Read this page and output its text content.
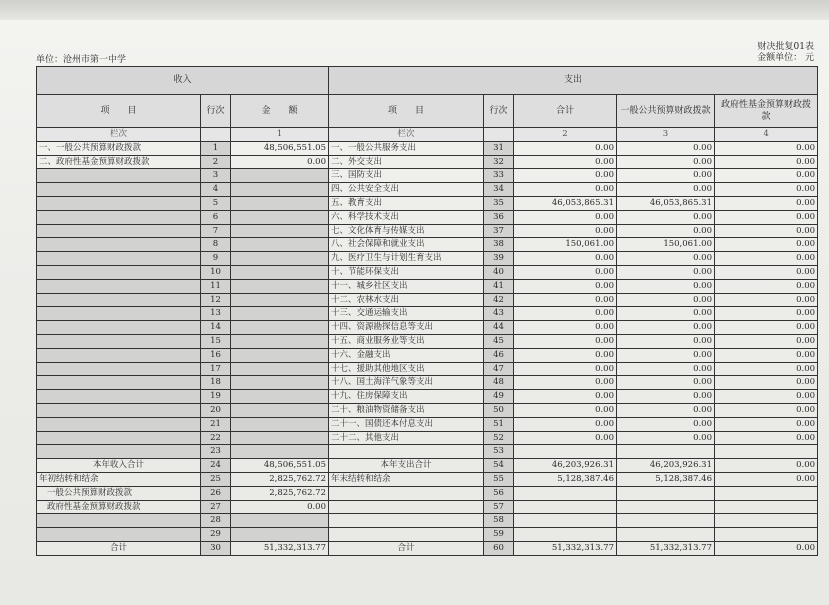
单位：沧州市第一中学
财决批复01表
金额单位： 元
收入			支出				
项　　目	行次	金　　额	项　　目	行次	合计	一般公共预算财政拨款	政府性基金预算财政拨款
栏次		1	栏次		2	3	4
一、一般公共预算财政拨款	1	48,506,551.05	一、一般公共服务支出	31	0.00	0.00	0.00
二、政府性基金预算财政拨款	2	0.00	二、外交支出	32	0.00	0.00	0.00
	3		三、国防支出	33	0.00	0.00	0.00
	4		四、公共安全支出	34	0.00	0.00	0.00
	5		五、教育支出	35	46,053,865.31	46,053,865.31	0.00
	6		六、科学技术支出	36	0.00	0.00	0.00
	7		七、文化体育与传媒支出	37	0.00	0.00	0.00
	8		八、社会保障和就业支出	38	150,061.00	150,061.00	0.00
	9		九、医疗卫生与计划生育支出	39	0.00	0.00	0.00
	10		十、节能环保支出	40	0.00	0.00	0.00
	11		十一、城乡社区支出	41	0.00	0.00	0.00
	12		十二、农林水支出	42	0.00	0.00	0.00
	13		十三、交通运输支出	43	0.00	0.00	0.00
	14		十四、资源勘探信息等支出	44	0.00	0.00	0.00
	15		十五、商业服务业等支出	45	0.00	0.00	0.00
	16		十六、金融支出	46	0.00	0.00	0.00
	17		十七、援助其他地区支出	47	0.00	0.00	0.00
	18		十八、国土海洋气象等支出	48	0.00	0.00	0.00
	19		十九、住房保障支出	49	0.00	0.00	0.00
	20		二十、粮油物资储备支出	50	0.00	0.00	0.00
	21		二十一、国债还本付息支出	51	0.00	0.00	0.00
	22		二十二、其他支出	52	0.00	0.00	0.00
	23			53			
本年收入合计	24	48,506,551.05	本年支出合计	54	46,203,926.31	46,203,926.31	0.00
年初结转和结余	25	2,825,762.72	年末结转和结余	55	5,128,387.46	5,128,387.46	0.00
一般公共预算财政拨款	26	2,825,762.72		56			
政府性基金预算财政拨款	27	0.00		57			
	28			58			
	29			59			
合计	30	51,332,313.77	合计	60	51,332,313.77	51,332,313.77	0.00
